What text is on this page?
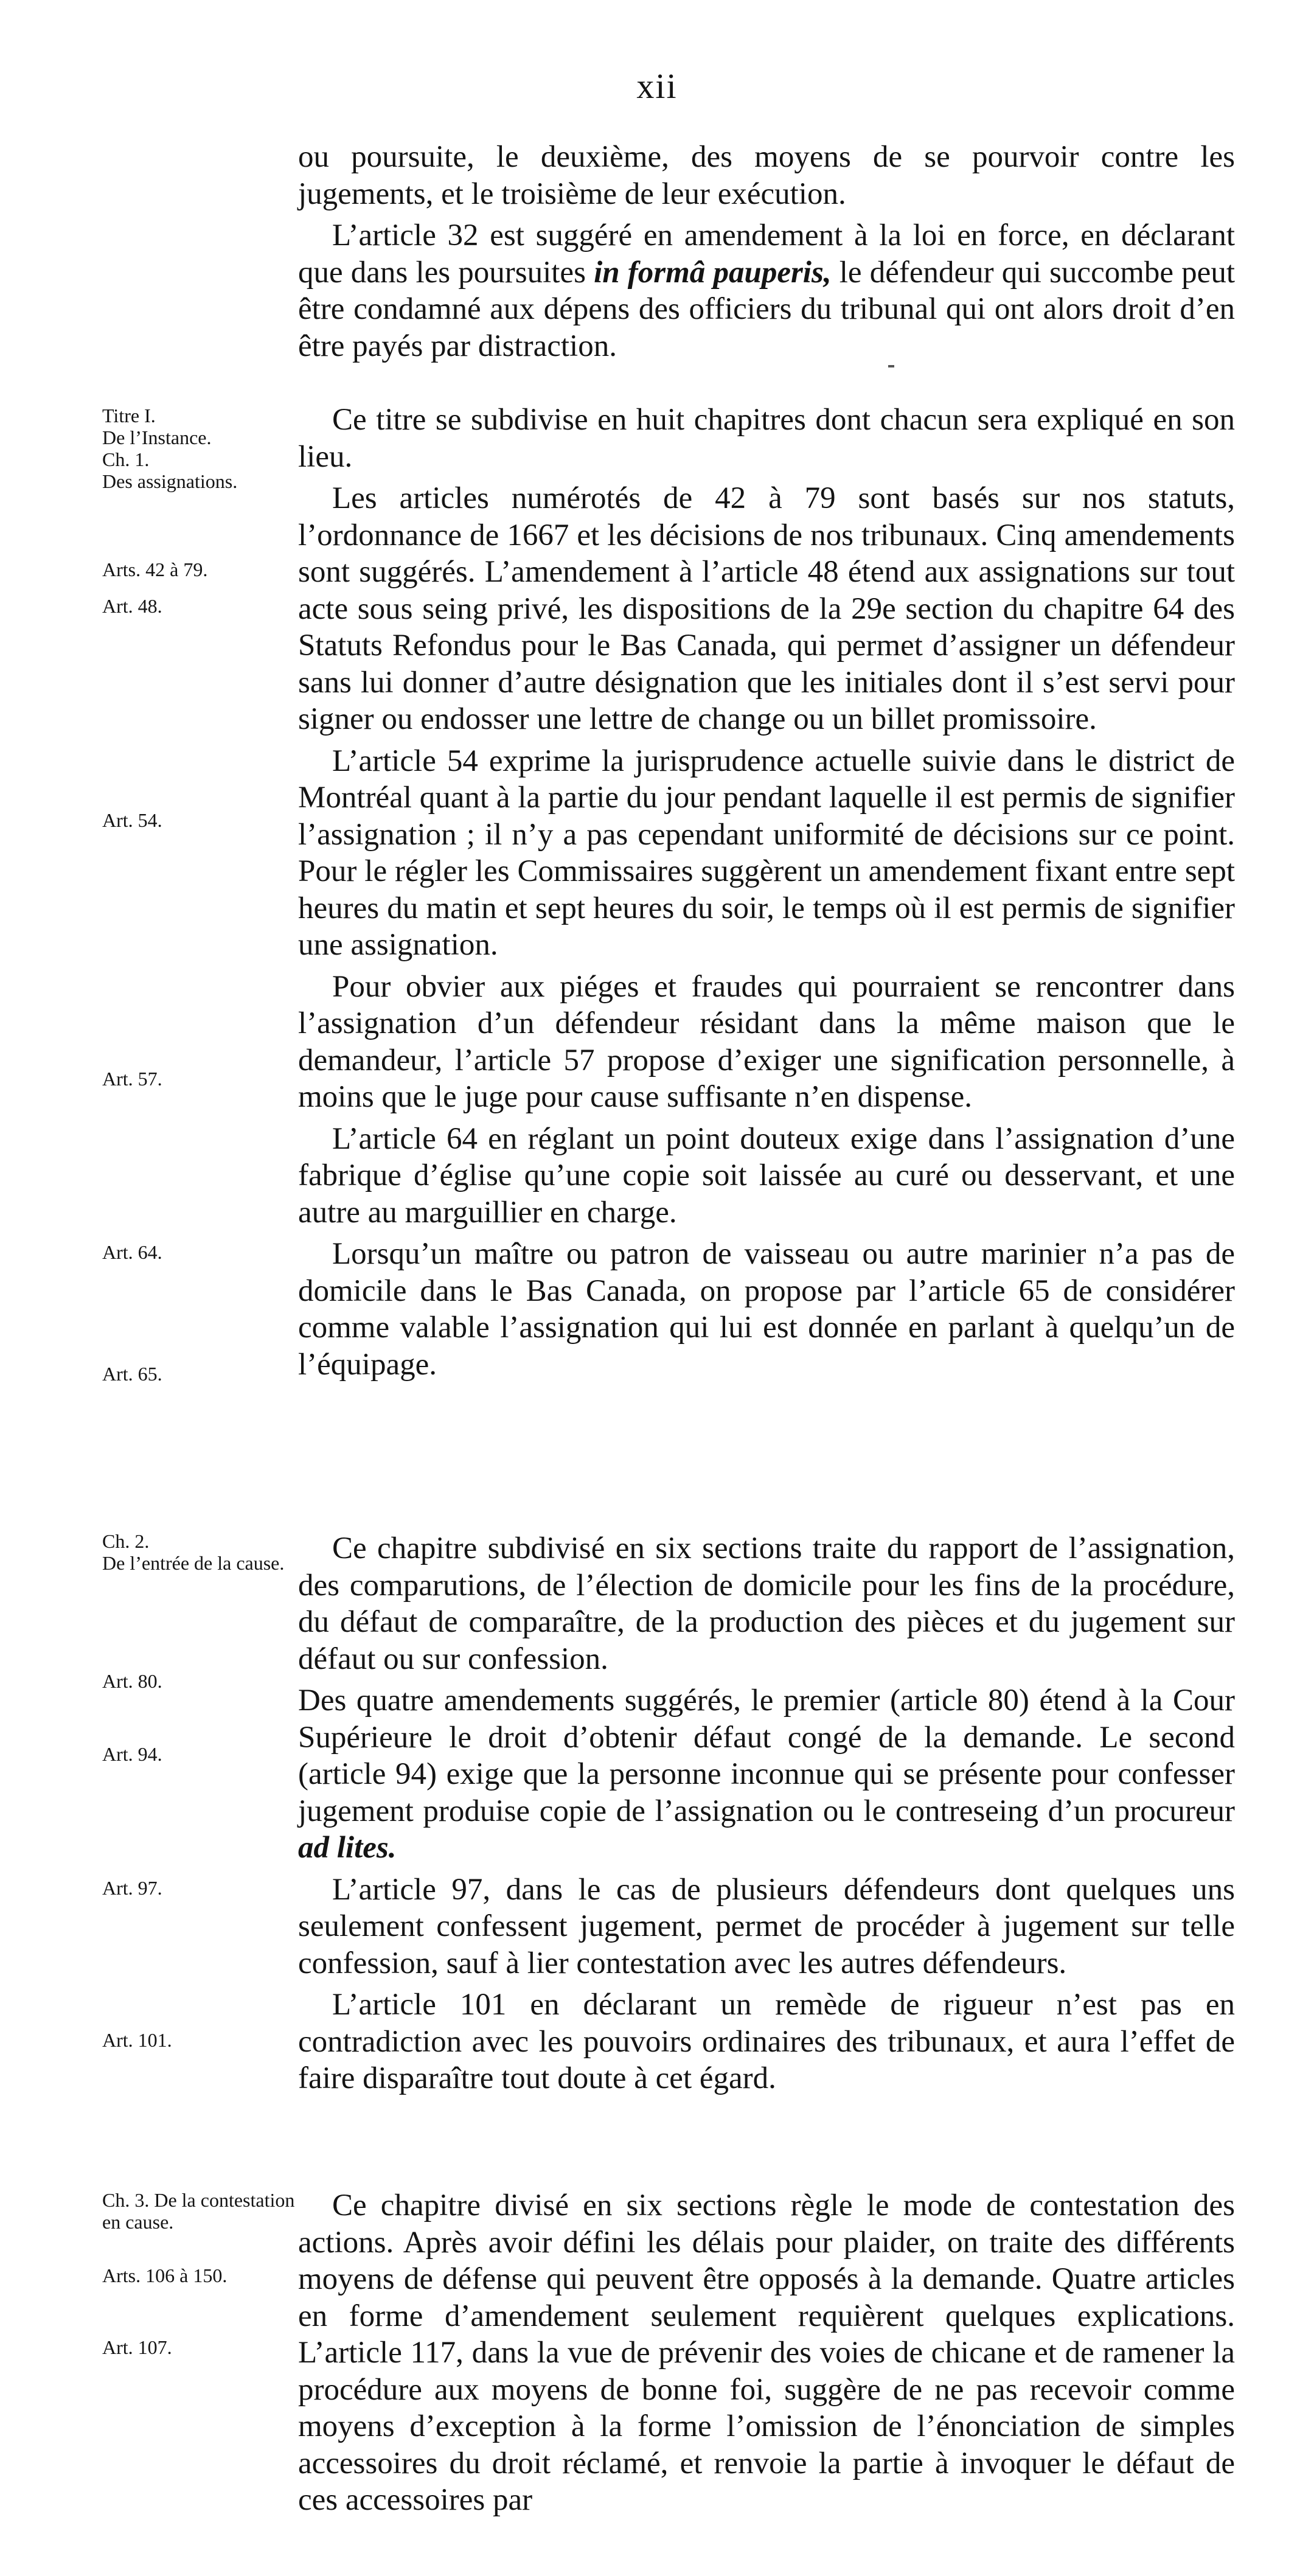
xii

ou poursuite, le deuxième, des moyens de se pourvoir contre les jugements, et le troisième de leur exécution.

L’article 32 est suggéré en amendement à la loi en force, en déclarant que dans les poursuites in formâ pauperis, le défendeur qui succombe peut être condamné aux dépens des officiers du tribunal qui ont alors droit d’en être payés par distraction.

Ce titre se subdivise en huit chapitres dont chacun sera expliqué en son lieu.

Les articles numérotés de 42 à 79 sont basés sur nos statuts, l’ordonnance de 1667 et les décisions de nos tribunaux. Cinq amendements sont suggérés. L’amendement à l’article 48 étend aux assignations sur tout acte sous seing privé, les dispositions de la 29e section du chapitre 64 des Statuts Refondus pour le Bas Canada, qui permet d’assigner un défendeur sans lui donner d’autre désignation que les initiales dont il s’est servi pour signer ou endosser une lettre de change ou un billet promissoire.

L’article 54 exprime la jurisprudence actuelle suivie dans le district de Montréal quant à la partie du jour pendant laquelle il est permis de signifier l’assignation ; il n’y a pas cependant uniformité de décisions sur ce point. Pour le régler les Commissaires suggèrent un amendement fixant entre sept heures du matin et sept heures du soir, le temps où il est permis de signifier une assignation.

Pour obvier aux piéges et fraudes qui pourraient se rencontrer dans l’assignation d’un défendeur résidant dans la même maison que le demandeur, l’article 57 propose d’exiger une signification personnelle, à moins que le juge pour cause suffisante n’en dispense.

L’article 64 en réglant un point douteux exige dans l’assignation d’une fabrique d’église qu’une copie soit laissée au curé ou desservant, et une autre au marguillier en charge.

Lorsqu’un maître ou patron de vaisseau ou autre marinier n’a pas de domicile dans le Bas Canada, on propose par l’article 65 de considérer comme valable l’assignation qui lui est donnée en parlant à quelqu’un de l’équipage.

Ce chapitre subdivisé en six sections traite du rapport de l’assignation, des comparutions, de l’élection de domicile pour les fins de la procédure, du défaut de comparaître, de la production des pièces et du jugement sur défaut ou sur confession.

Des quatre amendements suggérés, le premier (article 80) étend à la Cour Supérieure le droit d’obtenir défaut congé de la demande. Le second (article 94) exige que la personne inconnue qui se présente pour confesser jugement produise copie de l’assignation ou le contreseing d’un procureur ad lites.

L’article 97, dans le cas de plusieurs défendeurs dont quelques uns seulement confessent jugement, permet de procéder à jugement sur telle confession, sauf à lier contestation avec les autres défendeurs.

L’article 101 en déclarant un remède de rigueur n’est pas en contradiction avec les pouvoirs ordinaires des tribunaux, et aura l’effet de faire disparaître tout doute à cet égard.

Ce chapitre divisé en six sections règle le mode de contestation des actions. Après avoir défini les délais pour plaider, on traite des différents moyens de défense qui peuvent être opposés à la demande. Quatre articles en forme d’amendement seulement requièrent quelques explications. L’article 117, dans la vue de prévenir des voies de chicane et de ramener la procédure aux moyens de bonne foi, suggère de ne pas recevoir comme moyens d’exception à la forme l’omission de l’énonciation de simples accessoires du droit réclamé, et renvoie la partie à invoquer le défaut de ces accessoires par

Titre I.
De l’Instance.
Ch. 1.
Des assignations.
Arts. 42 à 79.
Art. 48.
Art. 54.
Art. 57.
Art. 64.
Art. 65.
Ch. 2.
De l’entrée de la cause.
Art. 80.
Art. 94.
Art. 97.
Art. 101.
Ch. 3. De la contestation en cause.
Arts. 106 à 150.
Art. 107.
